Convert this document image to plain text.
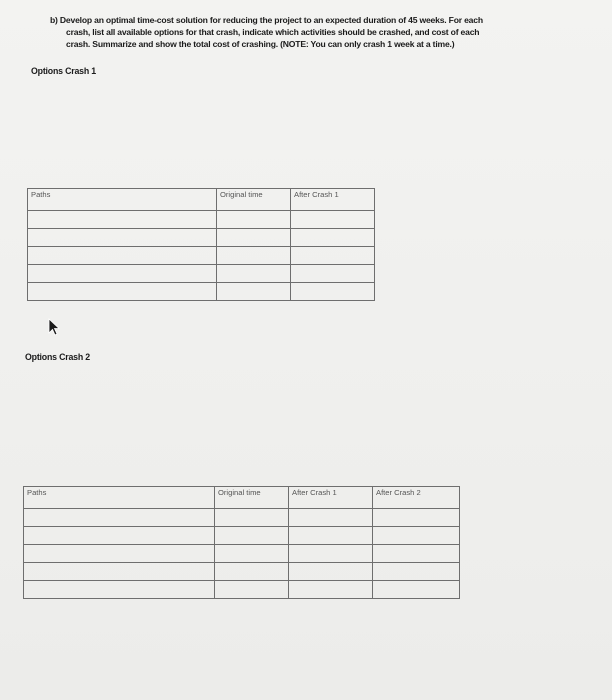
b) Develop an optimal time-cost solution for reducing the project to an expected duration of 45 weeks. For each
crash, list all available options for that crash, indicate which activities should be crashed, and cost of each
crash. Summarize and show the total cost of crashing. (NOTE: You can only crash 1 week at a time.)
Options Crash 1
Paths	Original time	After Crash 1

Options Crash 2
Paths	Original time	After Crash 1	After Crash 2
